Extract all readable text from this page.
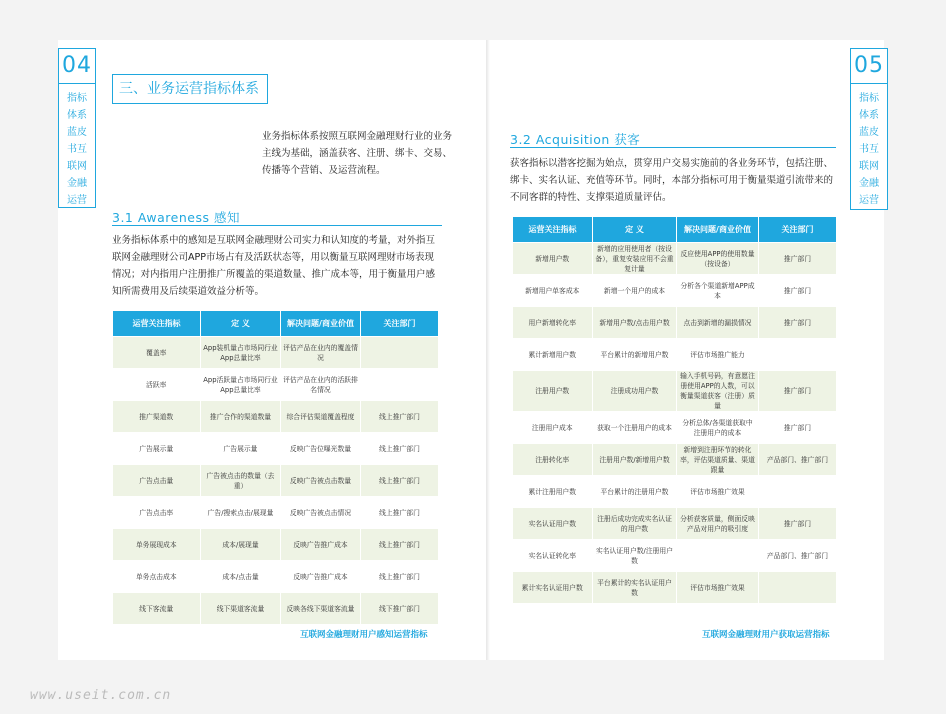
04
指标体系蓝皮书互联网金融运营
三、业务运营指标体系
业务指标体系按照互联网金融理财行业的业务主线为基础，涵盖获客、注册、绑卡、交易、传播等个营销、及运营流程。
3.1 Awareness 感知
业务指标体系中的感知是互联网金融理财公司实力和认知度的考量，对外指互联网金融理财公司APP市场占有及活跃状态等，用以衡量互联网理财市场表现情况；对内指用户注册推广所覆盖的渠道数量、推广成本等，用于衡量用户感知所需费用及后续渠道效益分析等。
运营关注指标	定 义	解决问题/商业价值	关注部门
覆盖率	App装机量占市场同行业App总量比率	评估产品在业内的覆盖情况	
活跃率	App活跃量占市场同行业App总量比率	评估产品在业内的活跃排名情况	
推广渠道数	推广合作的渠道数量	综合评估渠道覆盖程度	线上推广部门
广告展示量	广告展示量	反映广告位曝光数量	线上推广部门
广告点击量	广告被点击的数量（去重）	反映广告被点击数量	线上推广部门
广告点击率	广告/搜索点击/展现量	反映广告被点击情况	线上推广部门
单务展现成本	成本/展现量	反映广告推广成本	线上推广部门
单务点击成本	成本/点击量	反映广告推广成本	线上推广部门
线下客流量	线下渠道客流量	反映各线下渠道客流量	线下推广部门
互联网金融理财用户感知运营指标
05
指标体系蓝皮书互联网金融运营
3.2 Acquisition 获客
获客指标以潜客挖掘为始点，贯穿用户交易实施前的各业务环节，包括注册、绑卡、实名认证、充值等环节。同时，本部分指标可用于衡量渠道引流带来的不同客群的特性、支撑渠道质量评估。
运营关注指标	定 义	解决问题/商业价值	关注部门
新增用户数	新增的应用使用者（按设备），重复安装应用不会重复计量	反应使用APP的使用数量（按设备）	推广部门
新增用户单客成本	新增一个用户的成本	分析各个渠道新增APP成本	推广部门
用户新增转化率	新增用户数/点击用户数	点击到新增的漏损情况	推广部门
累计新增用户数	平台累计的新增用户数	评估市场推广能力	
注册用户数	注册成功用户数	输入手机号码，有意愿注册使用APP的人数，可以衡量渠道获客（注册）质量	推广部门
注册用户成本	获取一个注册用户的成本	分析总体/各渠道获取中注册用户的成本	推广部门
注册转化率	注册用户数/新增用户数	新增到注册环节的转化率，评估渠道质量、渠道跟量	产品部门、推广部门
累计注册用户数	平台累计的注册用户数	评估市场推广效果	
实名认证用户数	注册后成功完成实名认证的用户数	分析获客质量，侧面反映产品对用户的吸引度	推广部门
实名认证转化率	实名认证用户数/注册用户数		产品部门、推广部门
累计实名认证用户数	平台累计的实名认证用户数	评估市场推广效果	
互联网金融理财用户获取运营指标
www.useit.com.cn
